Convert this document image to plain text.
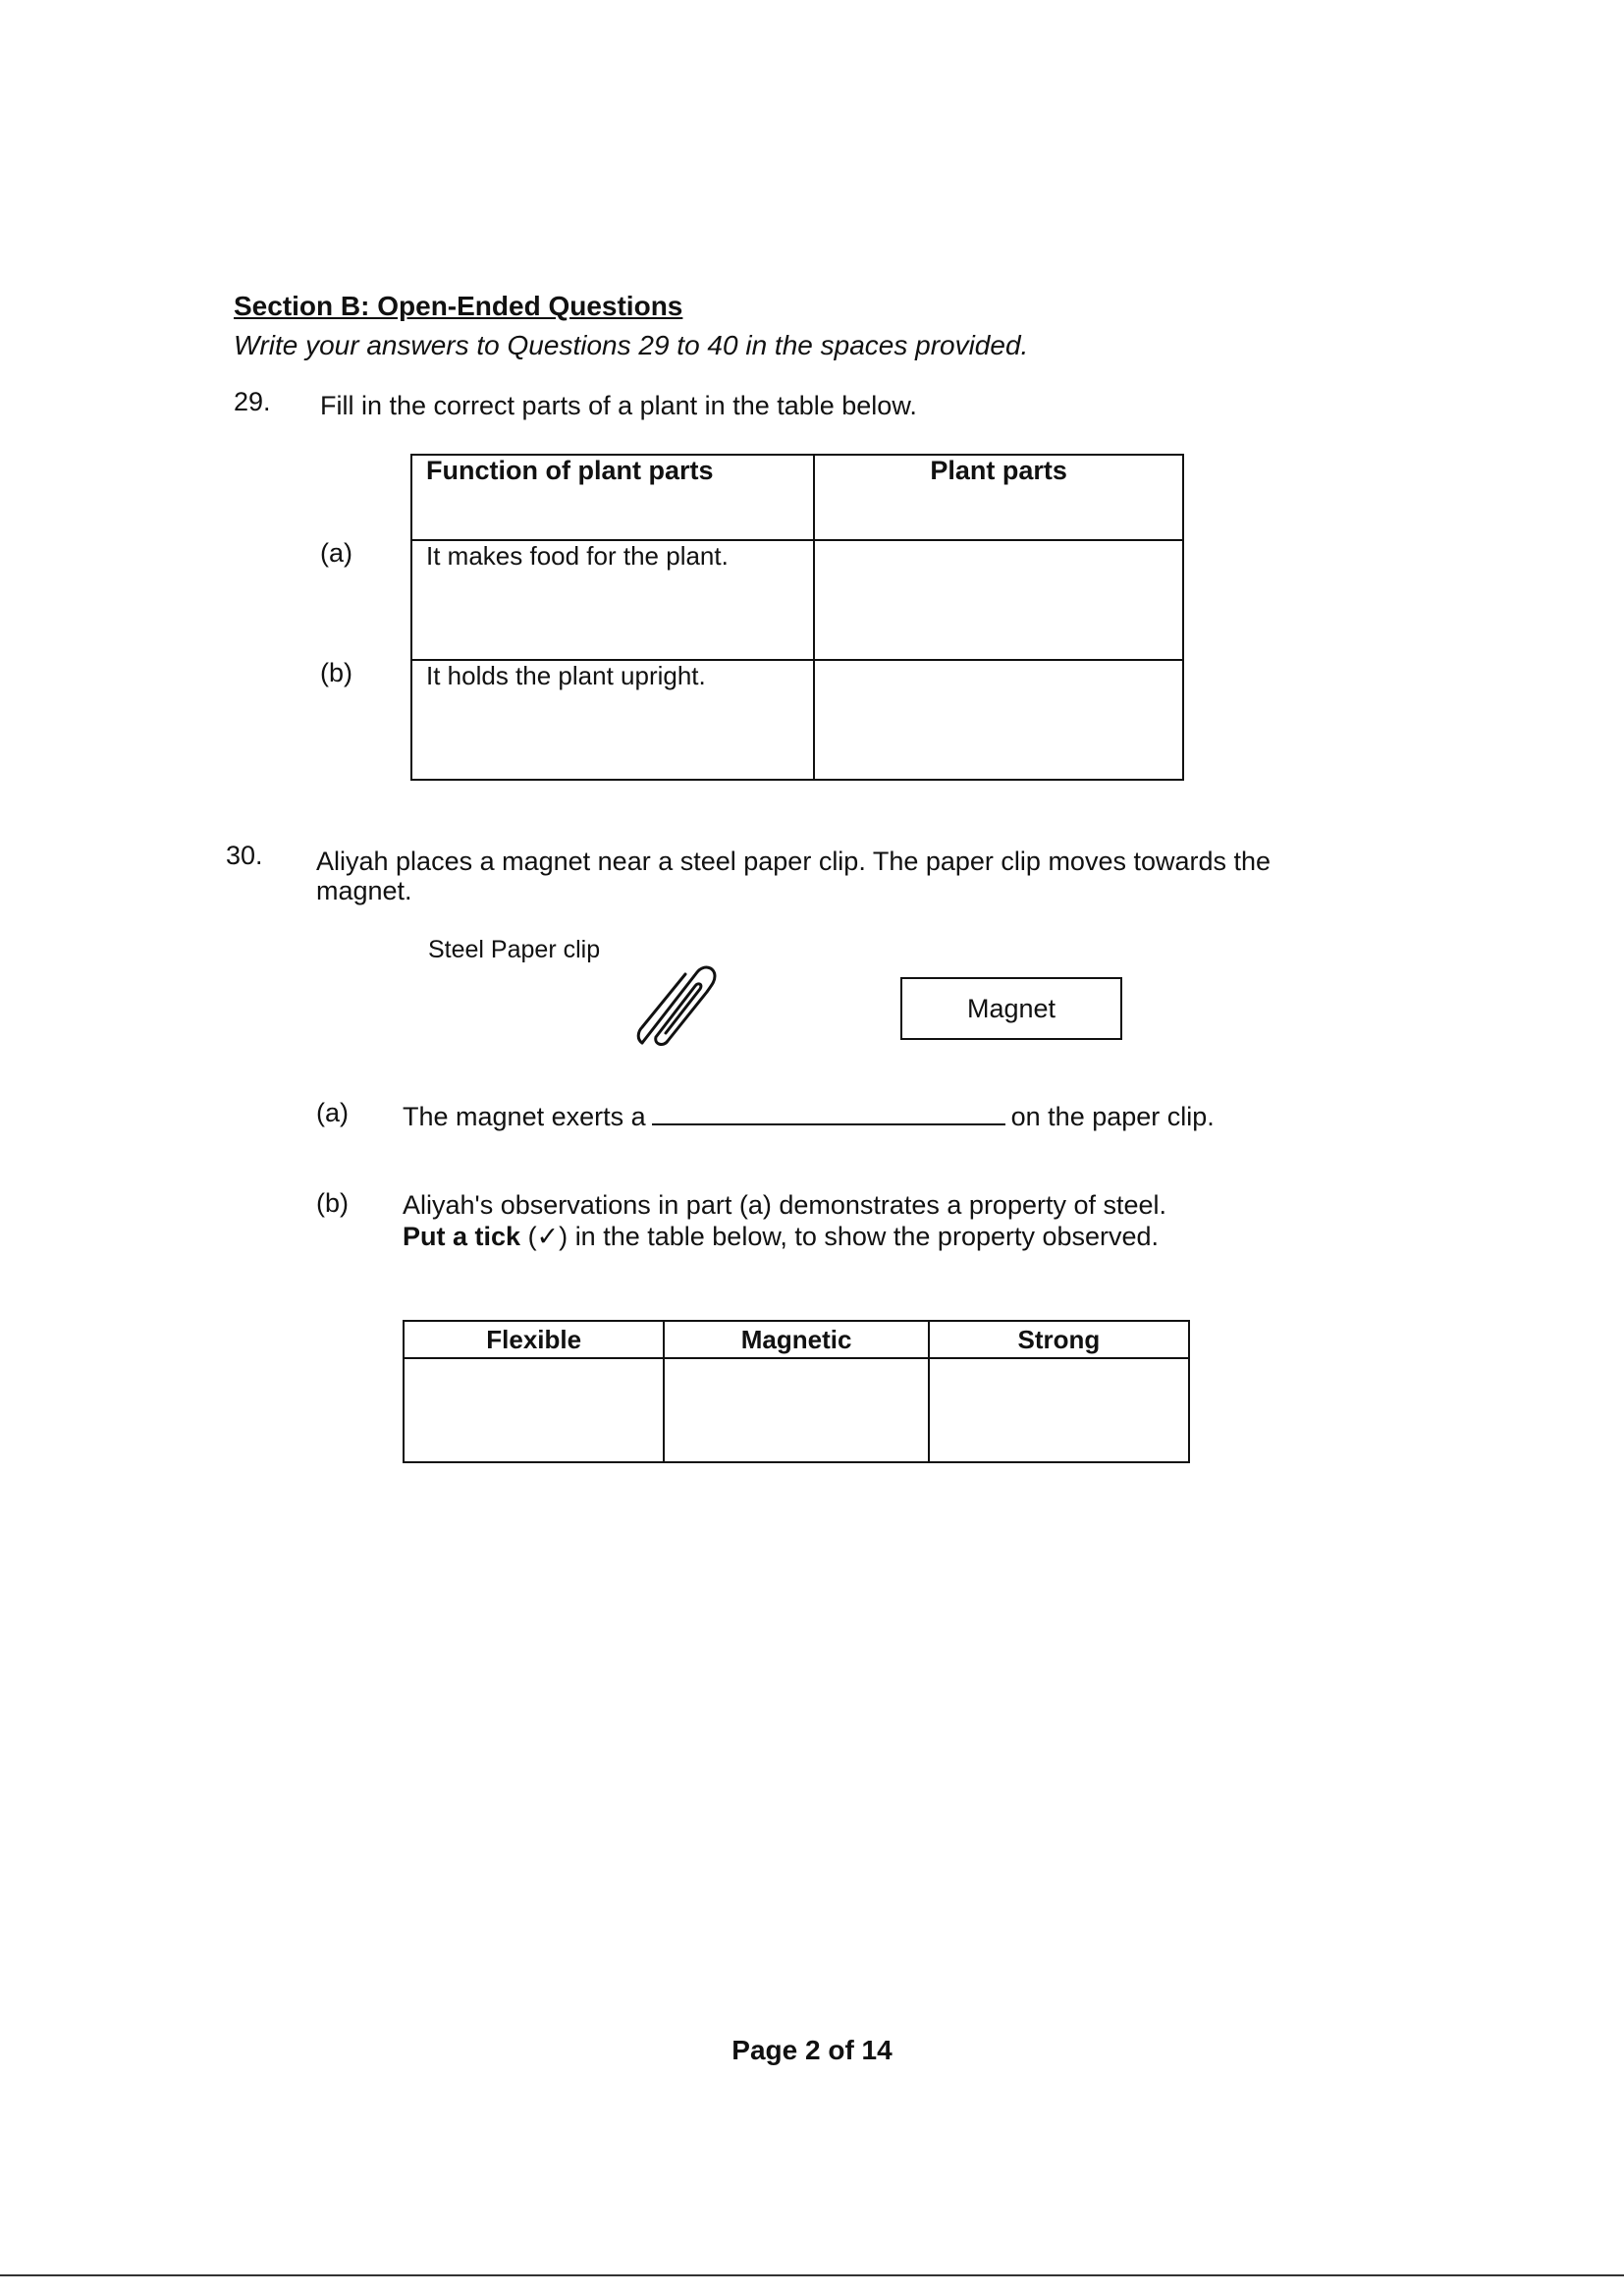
Section B: Open-Ended Questions
Write your answers to Questions 29 to 40 in the spaces provided.
29. Fill in the correct parts of a plant in the table below.
(a)
(b)
Function of plant parts	Plant parts
It makes food for the plant.	
It holds the plant upright.	
30. Aliyah places a magnet near a steel paper clip. The paper clip moves towards the magnet.
Steel Paper clip
Magnet
(a) The magnet exerts a	on the paper clip.
(b) Aliyah's observations in part (a) demonstrates a property of steel.
Put a tick (✓) in the table below, to show the property observed.
Flexible	Magnetic	Strong

Page 2 of 14
